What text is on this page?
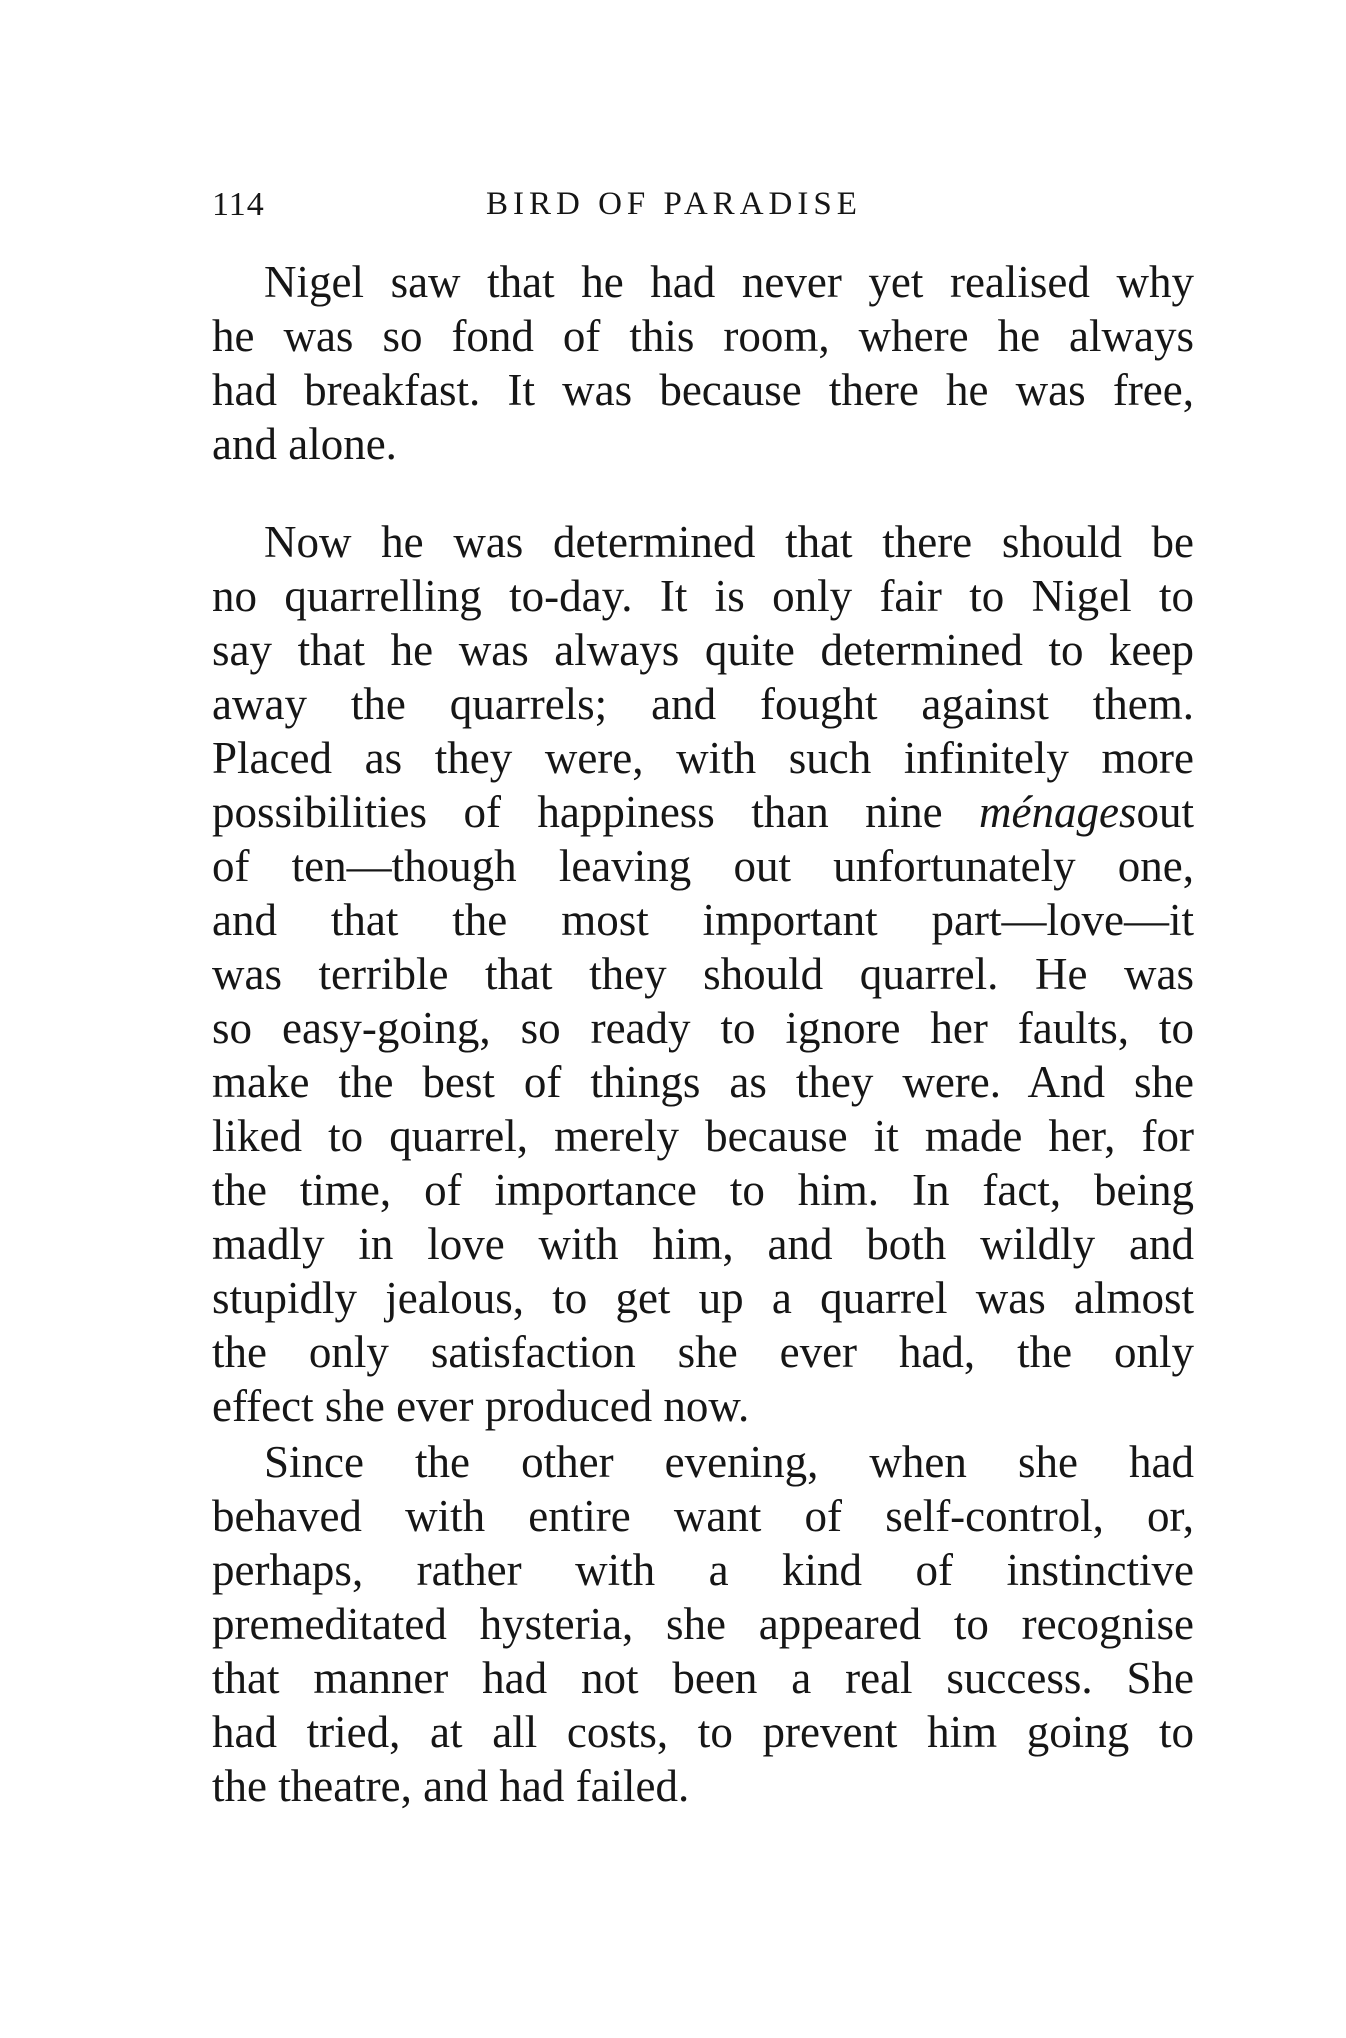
114	BIRD OF PARADISE
Nigel saw that he had never yet realised why
he was so fond of this room, where he always
had breakfast. It was because there he was free,
and alone.
Now he was determined that there should be
no quarrelling to-day. It is only fair to Nigel to
say that he was always quite determined to keep
away the quarrels; and fought against them.
Placed as they were, with such infinitely more
possibilities of happiness than nine ménagesout
of ten—though leaving out unfortunately one,
and that the most important part—love—it
was terrible that they should quarrel. He was
so easy-going, so ready to ignore her faults, to
make the best of things as they were. And she
liked to quarrel, merely because it made her, for
the time, of importance to him. In fact, being
madly in love with him, and both wildly and
stupidly jealous, to get up a quarrel was almost
the only satisfaction she ever had, the only
effect she ever produced now.
Since the other evening, when she had
behaved with entire want of self-control, or,
perhaps, rather with a kind of instinctive
premeditated hysteria, she appeared to recognise
that manner had not been a real success. She
had tried, at all costs, to prevent him going to
the theatre, and had failed.
